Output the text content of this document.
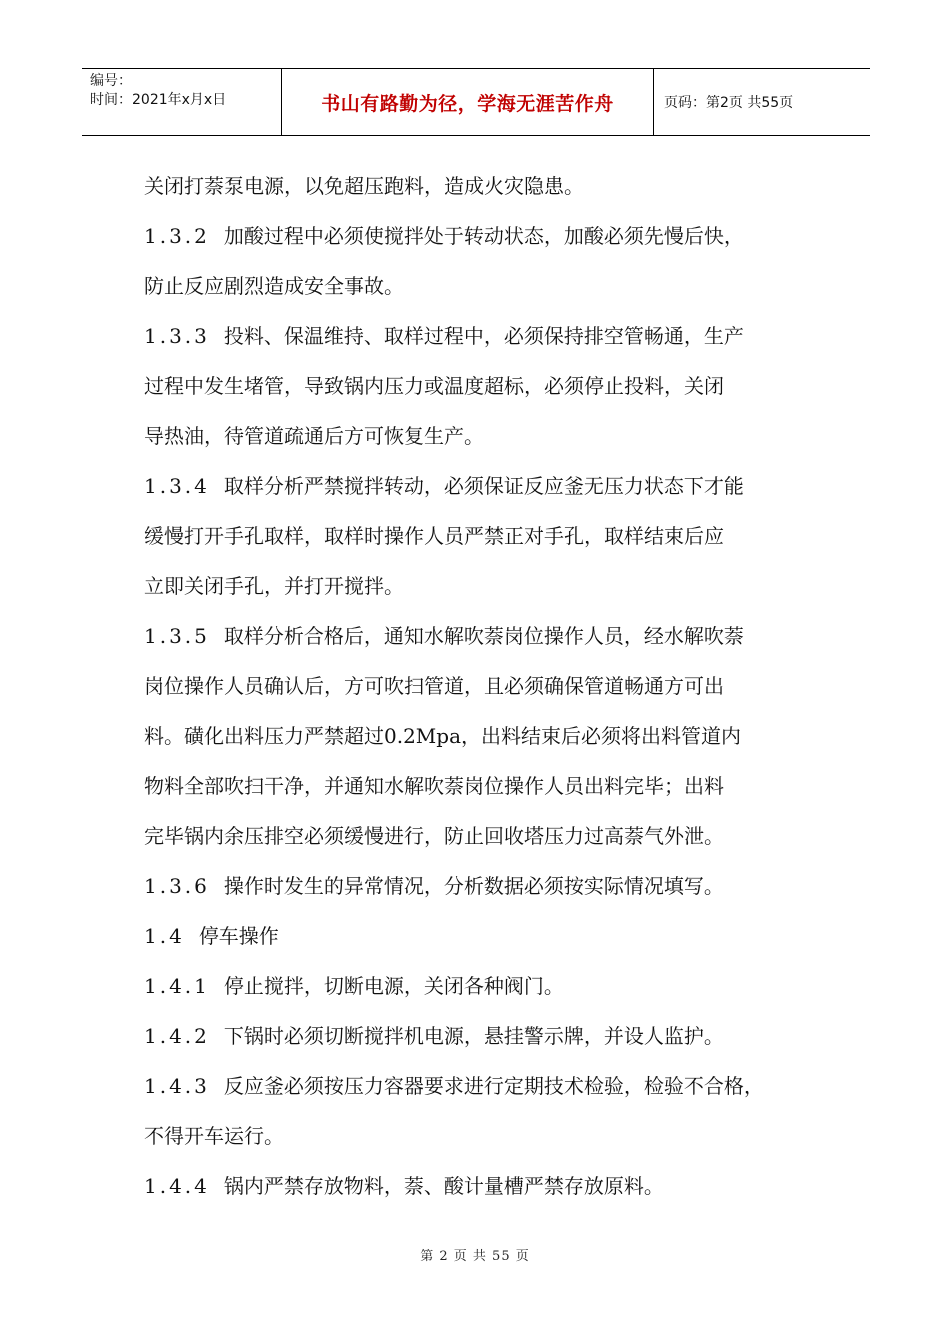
编号：
时间：2021年x月x日	书山有路勤为径，学海无涯苦作舟	页码：第2页 共55页
关闭打萘泵电源，以免超压跑料，造成火灾隐患。
1.3.2 加酸过程中必须使搅拌处于转动状态，加酸必须先慢后快，
防止反应剧烈造成安全事故。
1.3.3 投料、保温维持、取样过程中，必须保持排空管畅通，生产
过程中发生堵管，导致锅内压力或温度超标，必须停止投料，关闭
导热油，待管道疏通后方可恢复生产。
1.3.4 取样分析严禁搅拌转动，必须保证反应釜无压力状态下才能
缓慢打开手孔取样，取样时操作人员严禁正对手孔，取样结束后应
立即关闭手孔，并打开搅拌。
1.3.5 取样分析合格后，通知水解吹萘岗位操作人员，经水解吹萘
岗位操作人员确认后，方可吹扫管道，且必须确保管道畅通方可出
料。磺化出料压力严禁超过0.2Mpa，出料结束后必须将出料管道内
物料全部吹扫干净，并通知水解吹萘岗位操作人员出料完毕；出料
完毕锅内余压排空必须缓慢进行，防止回收塔压力过高萘气外泄。
1.3.6 操作时发生的异常情况，分析数据必须按实际情况填写。
1.4 停车操作
1.4.1 停止搅拌，切断电源，关闭各种阀门。
1.4.2 下锅时必须切断搅拌机电源，悬挂警示牌，并设人监护。
1.4.3 反应釜必须按压力容器要求进行定期技术检验，检验不合格，
不得开车运行。
1.4.4 锅内严禁存放物料，萘、酸计量槽严禁存放原料。
第 2 页 共 55 页
